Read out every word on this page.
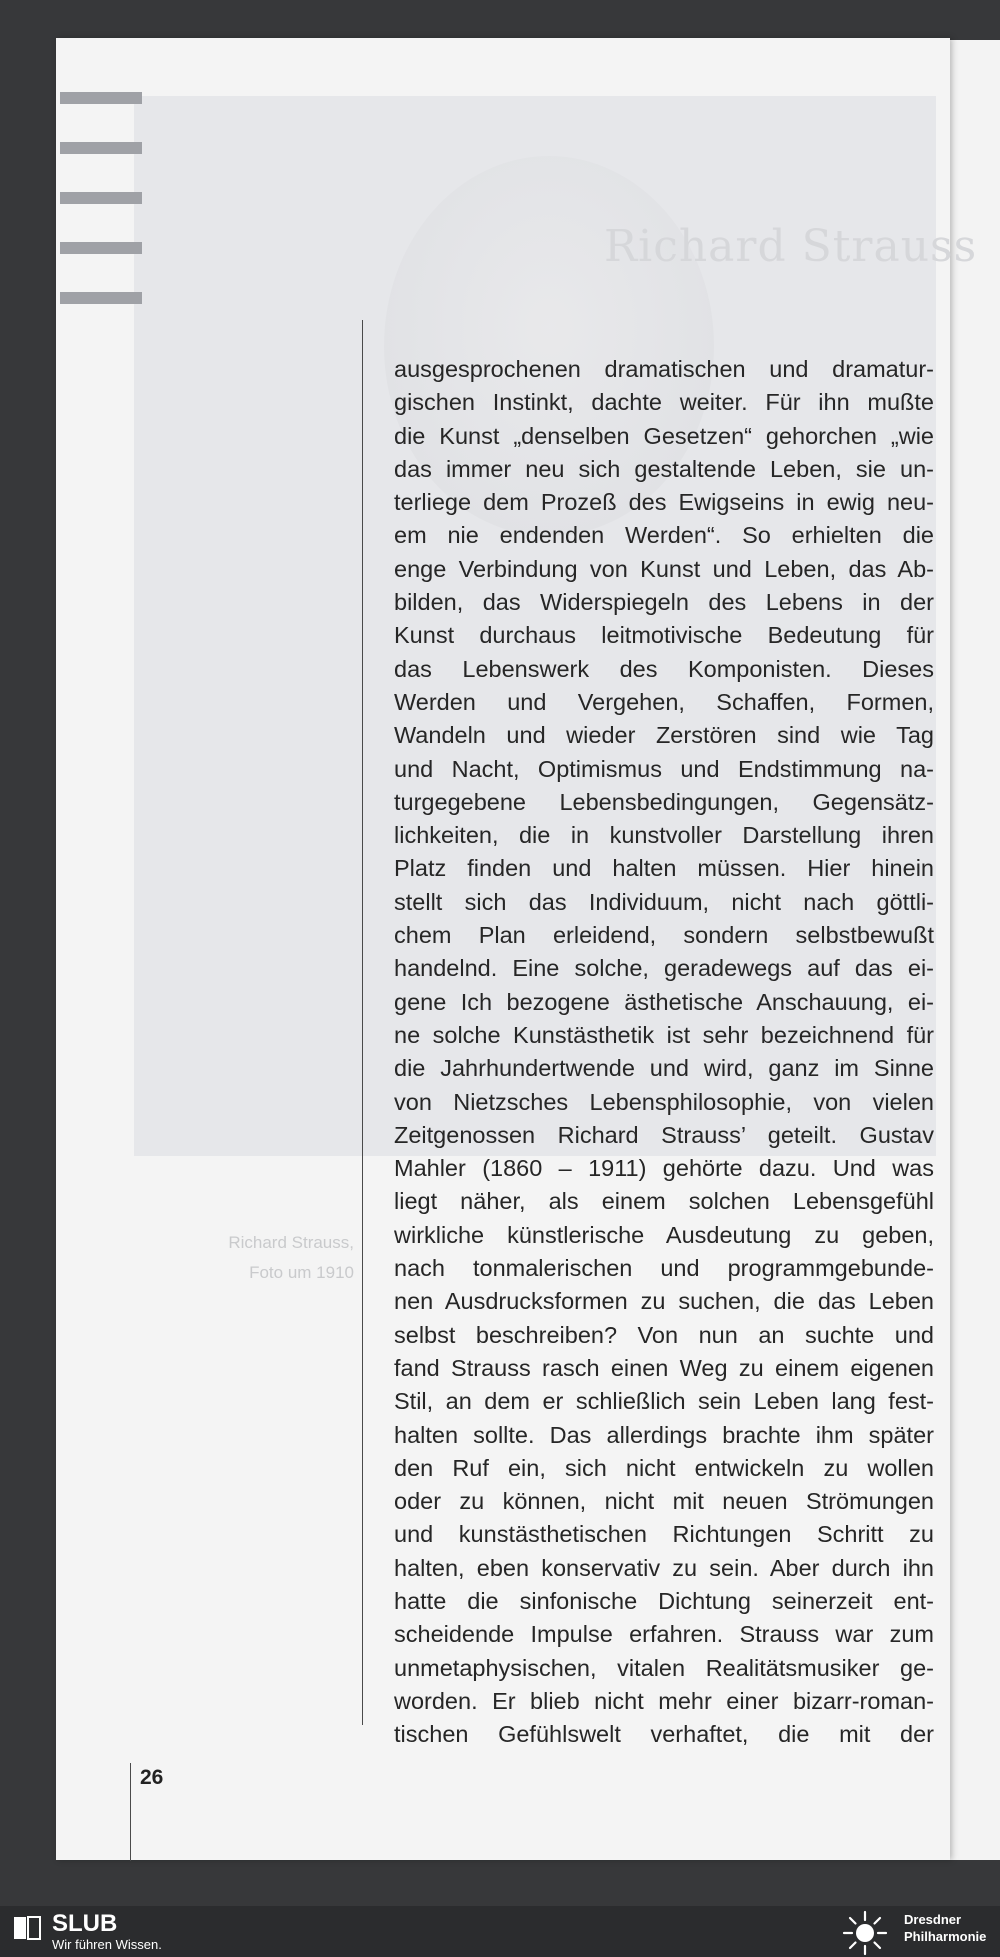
Richard Strauss
Richard Strauss,
Foto um 1910
ausgesprochenen dramatischen und dramatur-
gischen Instinkt, dachte weiter. Für ihn mußte
die Kunst „denselben Gesetzen“ gehorchen „wie
das immer neu sich gestaltende Leben, sie un-
terliege dem Prozeß des Ewigseins in ewig neu-
em nie endenden Werden“. So erhielten die
enge Verbindung von Kunst und Leben, das Ab-
bilden, das Widerspiegeln des Lebens in der
Kunst durchaus leitmotivische Bedeutung für
das Lebenswerk des Komponisten. Dieses
Werden und Vergehen, Schaffen, Formen,
Wandeln und wieder Zerstören sind wie Tag
und Nacht, Optimismus und Endstimmung na-
turgegebene Lebensbedingungen, Gegensätz-
lichkeiten, die in kunstvoller Darstellung ihren
Platz finden und halten müssen. Hier hinein
stellt sich das Individuum, nicht nach göttli-
chem Plan erleidend, sondern selbstbewußt
handelnd. Eine solche, geradewegs auf das ei-
gene Ich bezogene ästhetische Anschauung, ei-
ne solche Kunstästhetik ist sehr bezeichnend für
die Jahrhundertwende und wird, ganz im Sinne
von Nietzsches Lebensphilosophie, von vielen
Zeitgenossen Richard Strauss’ geteilt. Gustav
Mahler (1860 – 1911) gehörte dazu. Und was
liegt näher, als einem solchen Lebensgefühl
wirkliche künstlerische Ausdeutung zu geben,
nach tonmalerischen und programmgebunde-
nen Ausdrucksformen zu suchen, die das Leben
selbst beschreiben? Von nun an suchte und
fand Strauss rasch einen Weg zu einem eigenen
Stil, an dem er schließlich sein Leben lang fest-
halten sollte. Das allerdings brachte ihm später
den Ruf ein, sich nicht entwickeln zu wollen
oder zu können, nicht mit neuen Strömungen
und kunstästhetischen Richtungen Schritt zu
halten, eben konservativ zu sein. Aber durch ihn
hatte die sinfonische Dichtung seinerzeit ent-
scheidende Impulse erfahren. Strauss war zum
unmetaphysischen, vitalen Realitätsmusiker ge-
worden. Er blieb nicht mehr einer bizarr-roman-
tischen Gefühlswelt verhaftet, die mit der
26
SLUB
Wir führen Wissen.
Dresdner
Philharmonie
